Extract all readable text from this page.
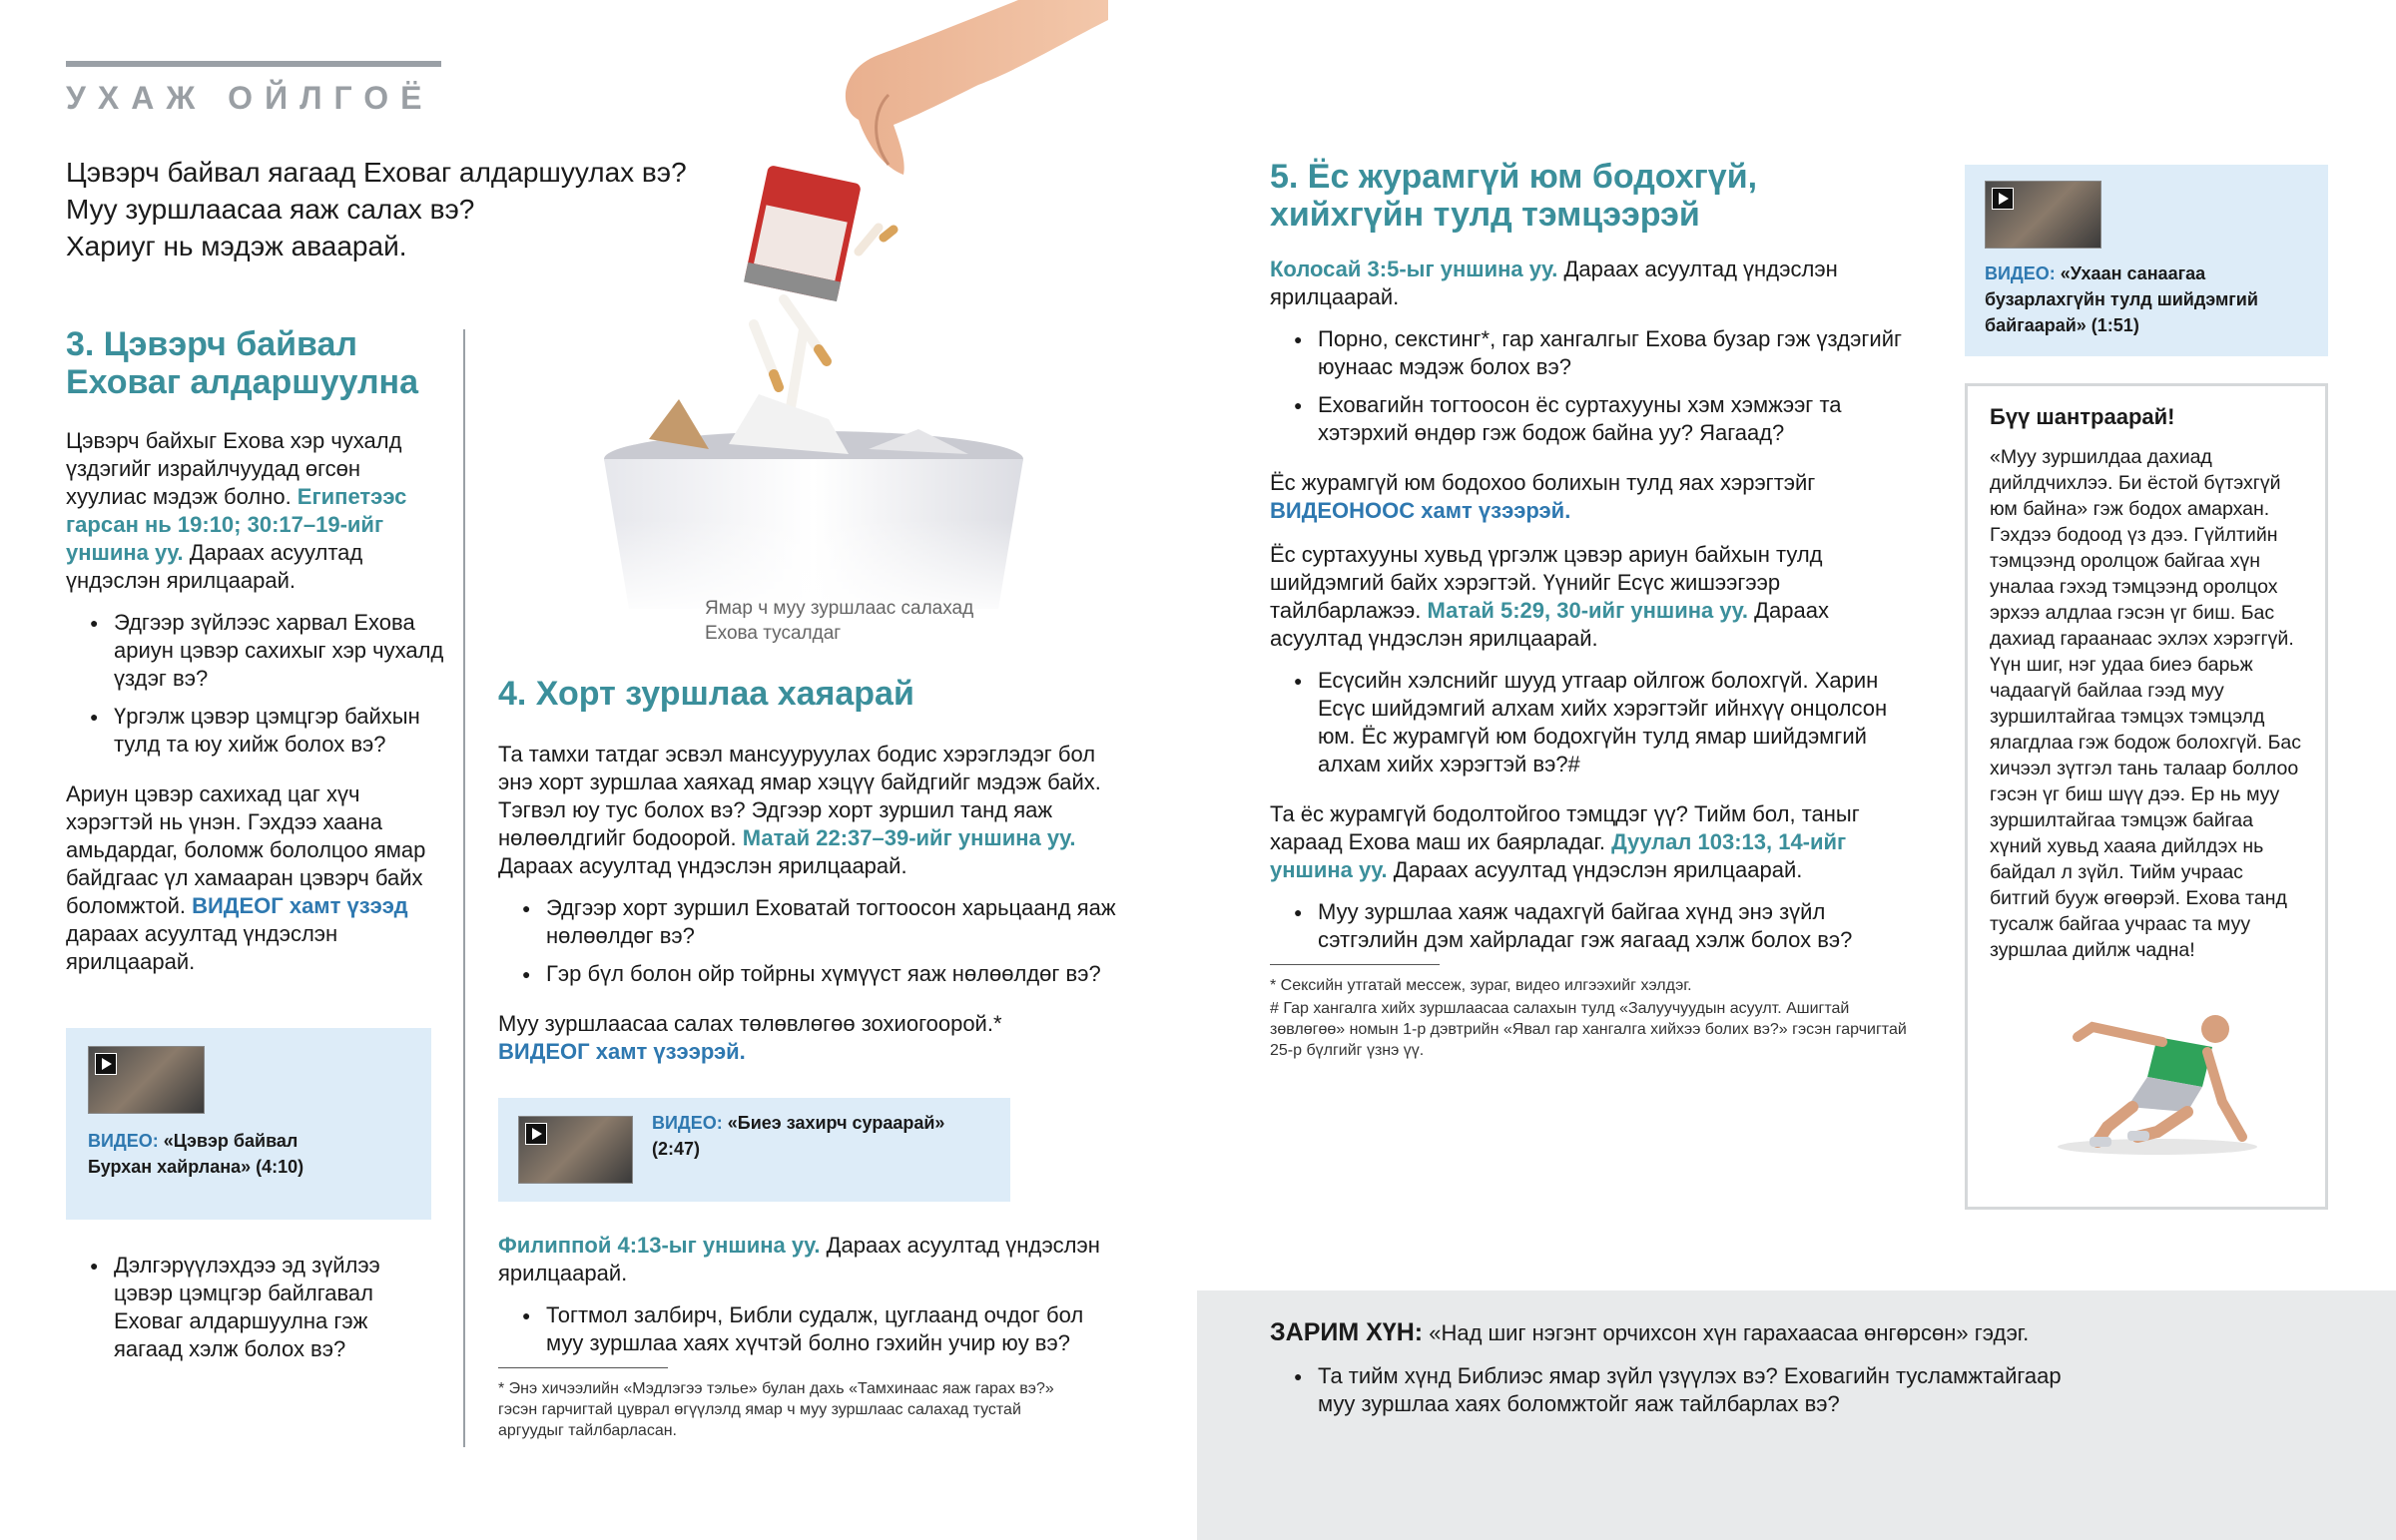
УХАЖ ОЙЛГОЁ

Цэвэрч байвал яагаад Еховаг алдаршуулах вэ?

Муу зуршлаасаа яаж салах вэ?

Хариуг нь мэдэж аваарай.

Ямар ч муу зуршлаас салахад
Ехова тусалдаг
3. Цэвэрч байвал
Еховаг алдаршуулна

Цэвэрч байхыг Ехова хэр чухалд үздэгийг израйлчуудад өгсөн хуулиас мэдэж болно. Египетээс гарсан нь 19:10; 30:17–19-ийг уншина уу. Дараах асуултад үндэслэн ярилцаарай.

● Эдгээр зүйлээс харвал Ехова ариун цэвэр сахихыг хэр чухалд үздэг вэ?
● Үргэлж цэвэр цэмцгэр байхын тулд та юу хийж болох вэ?

Ариун цэвэр сахихад цаг хүч хэрэгтэй нь үнэн. Гэхдээ хаана амьдардаг, боломж бололцоо ямар байдгаас үл хамааран цэвэрч байх боломжтой. ВИДЕОГ хамт үзээд дараах асуултад үндэслэн ярилцаарай.

ВИДЕО: «Цэвэр байвал
Бурхан хайрлана» (4:10)

● Дэлгэрүүлэхдээ эд зүйлээ цэвэр цэмцгэр байлгавал Еховаг алдаршуулна гэж яагаад хэлж болох вэ?
4. Хорт зуршлаа хаяарай

Та тамхи татдаг эсвэл мансууруулах бодис хэрэглэдэг бол энэ хорт зуршлаа хаяхад ямар хэцүү байдгийг мэдэж байх. Тэгвэл юу тус болох вэ? Эдгээр хорт зуршил танд яаж нөлөөлдгийг бодоорой. Матай 22:37–39-ийг уншина уу. Дараах асуултад үндэслэн ярилцаарай.

● Эдгээр хорт зуршил Еховатай тогтоосон харьцаанд яаж нөлөөлдөг вэ?
● Гэр бүл болон ойр тойрны хүмүүст яаж нөлөөлдөг вэ?

Муу зуршлаасаа салах төлөвлөгөө зохиогоорой.*
ВИДЕОГ хамт үзээрэй.

ВИДЕО: «Биеэ захирч сураарай»
(2:47)

Филиппой 4:13-ыг уншина уу. Дараах асуултад үндэслэн ярилцаарай.

● Тогтмол залбирч, Библи судалж, цуглаанд очдог бол муу зуршлаа хаях хүчтэй болно гэхийн учир юу вэ?

* Энэ хичээлийн «Мэдлэгээ тэлье» булан дахь «Тамхинаас яаж гарах вэ?» гэсэн гарчигтай цуврал өгүүлэлд ямар ч муу зуршлаас салахад тустай аргуудыг тайлбарласан.

5. Ёс журамгүй юм бодохгүй,
хийхгүйн тулд тэмцээрэй

Колосай 3:5-ыг уншина уу. Дараах асуултад үндэслэн ярилцаарай.

● Порно, секстинг*, гар хангалгыг Ехова бузар гэж үздэгийг юунаас мэдэж болох вэ?
● Еховагийн тогтоосон ёс суртахууны хэм хэмжээг та хэтэрхий өндөр гэж бодож байна уу? Яагаад?

Ёс журамгүй юм бодохоо болихын тулд яах хэрэгтэйг
ВИДЕОНООС хамт үзээрэй.

Ёс суртахууны хувьд үргэлж цэвэр ариун байхын тулд шийдэмгий байх хэрэгтэй. Үүнийг Есүс жишээгээр тайлбарлажээ. Матай 5:29, 30-ийг уншина уу. Дараах асуултад үндэслэн ярилцаарай.

● Есүсийн хэлснийг шууд утгаар ойлгож болохгүй. Харин Есүс шийдэмгий алхам хийх хэрэгтэйг ийнхүү онцолсон юм. Ёс журамгүй юм бодохгүйн тулд ямар шийдэмгий алхам хийх хэрэгтэй вэ?#

Та ёс журамгүй бодолтойгоо тэмцдэг үү? Тийм бол, таныг хараад Ехова маш их баярладаг. Дуулал 103:13, 14-ийг уншина уу. Дараах асуултад үндэслэн ярилцаарай.

● Муу зуршлаа хаяж чадахгүй байгаа хүнд энэ зүйл сэтгэлийн дэм хайрладаг гэж яагаад хэлж болох вэ?

* Сексийн утгатай мессеж, зураг, видео илгээхийг хэлдэг.

# Гар хангалга хийх зуршлаасаа салахын тулд «Залуучуудын асуулт. Ашигтай зөвлөгөө» номын 1-р дэвтрийн «Явал гар хангалга хийхээ болих вэ?» гэсэн гарчигтай 25-р бүлгийг үзнэ үү.

ВИДЕО: «Ухаан санаагаа
бузарлахгүйн тулд шийдэмгий
байгаарай» (1:51)

Бүү шантраарай!

«Муу зуршилдаа дахиад дийлдчихлээ. Би ёстой бүтэхгүй юм байна» гэж бодох амархан. Гэхдээ бодоод үз дээ. Гүйлтийн тэмцээнд оролцож байгаа хүн уналаа гэхэд тэмцээнд оролцох эрхээ алдлаа гэсэн үг биш. Бас дахиад гараанаас эхлэх хэрэггүй. Үүн шиг, нэг удаа биеэ барьж чадаагүй байлаа гээд муу зуршилтайгаа тэмцэх тэмцэлд ялагдлаа гэж бодож болохгүй. Бас хичээл зүтгэл тань талаар боллоо гэсэн үг биш шүү дээ. Ер нь муу зуршилтайгаа тэмцэж байгаа хүний хувьд хааяа дийлдэх нь байдал л зүйл. Тийм учраас битгий бууж өгөөрэй. Ехова танд тусалж байгаа учраас та муу зуршлаа дийлж чадна!

ЗАРИМ ХҮН: «Над шиг нэгэнт орчихсон хүн гарахаасаа өнгөрсөн» гэдэг.

● Та тийм хүнд Библиэс ямар зүйл үзүүлэх вэ? Еховагийн тусламжтайгаар муу зуршлаа хаях боломжтойг яаж тайлбарлах вэ?
